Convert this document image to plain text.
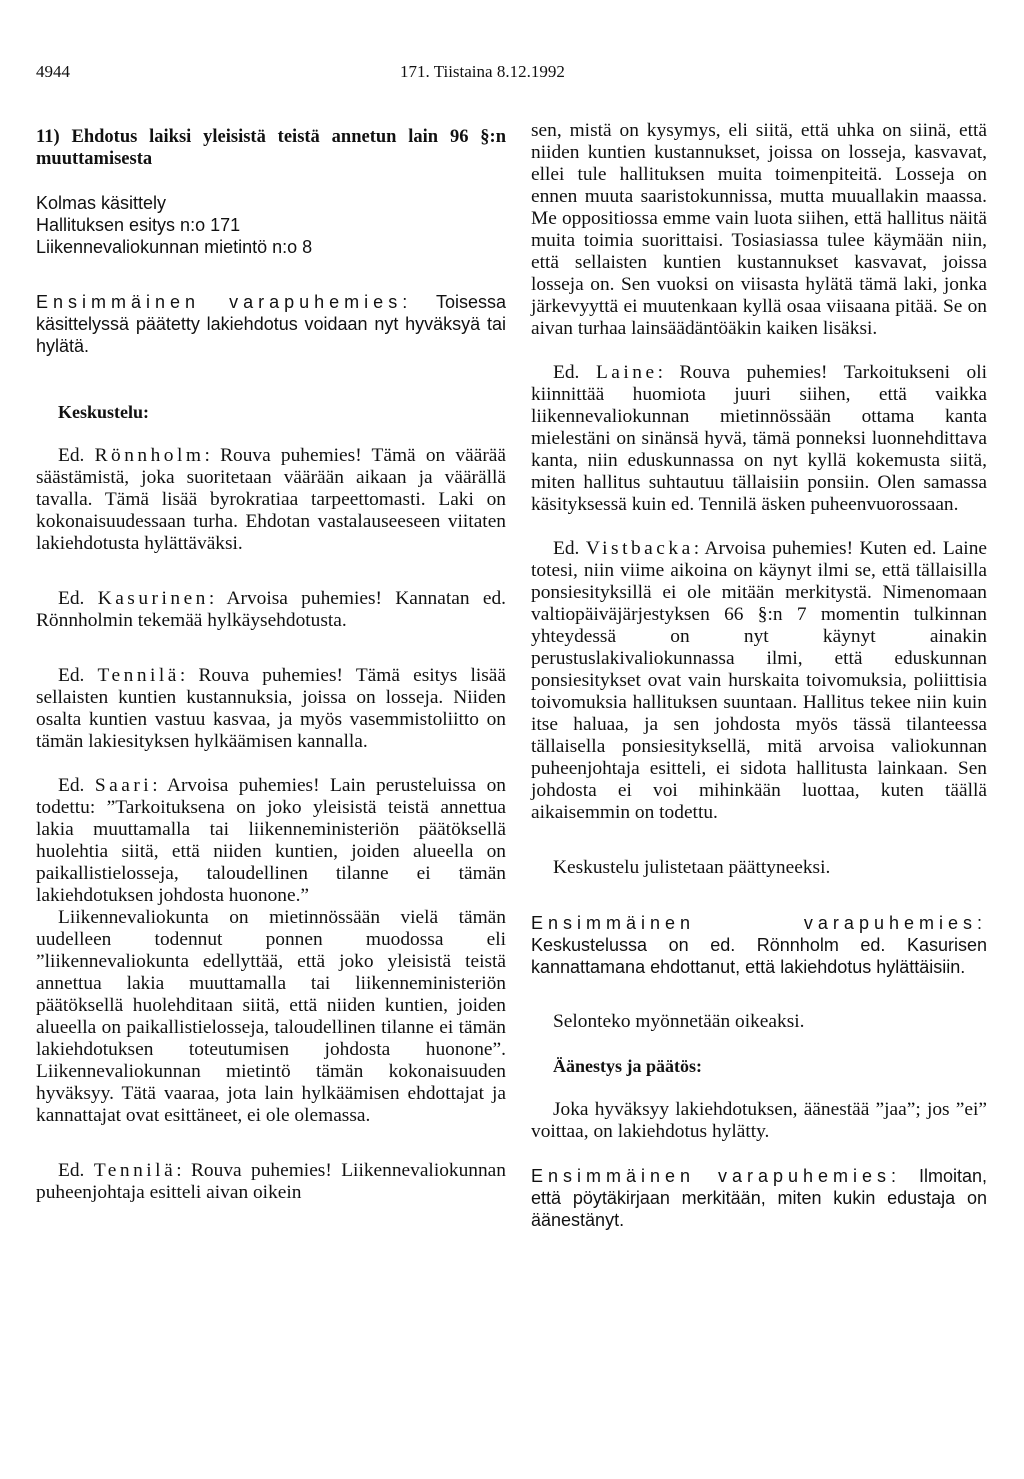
4944	171. Tiistaina 8.12.1992

11) Ehdotus laiksi yleisistä teistä annetun lain 96 §:n muuttamisesta

Kolmas käsittely
Hallituksen esitys n:o 171
Liikennevaliokunnan mietintö n:o 8

Ensimmäinen varapuhemies: Toisessa käsittelyssä päätetty lakiehdotus voidaan nyt hyväksyä tai hylätä.

Keskustelu:

Ed. Rönnholm: Rouva puhemies! Tämä on väärää säästämistä, joka suoritetaan väärään aikaan ja väärällä tavalla. Tämä lisää byrokratiaa tarpeettomasti. Laki on kokonaisuudessaan turha. Ehdotan vastalauseeseen viitaten lakiehdotusta hylättäväksi.

Ed. Kasurinen: Arvoisa puhemies! Kannatan ed. Rönnholmin tekemää hylkäysehdotusta.

Ed. Tennilä: Rouva puhemies! Tämä esitys lisää sellaisten kuntien kustannuksia, joissa on losseja. Niiden osalta kuntien vastuu kasvaa, ja myös vasemmistoliitto on tämän lakiesityksen hylkäämisen kannalla.

Ed. Saari: Arvoisa puhemies! Lain perusteluissa on todettu: ”Tarkoituksena on joko yleisistä teistä annettua lakia muuttamalla tai liikenneministeriön päätöksellä huolehtia siitä, että niiden kuntien, joiden alueella on paikallistielosseja, taloudellinen tilanne ei tämän lakiehdotuksen johdosta huonone.”

Liikennevaliokunta on mietinnössään vielä tämän uudelleen todennut ponnen muodossa eli ”liikennevaliokunta edellyttää, että joko yleisistä teistä annettua lakia muuttamalla tai liikenneministeriön päätöksellä huolehditaan siitä, että niiden kuntien, joiden alueella on paikallistielosseja, taloudellinen tilanne ei tämän lakiehdotuksen toteutumisen johdosta huonone”. Liikennevaliokunnan mietintö tämän kokonaisuuden hyväksyy. Tätä vaaraa, jota lain hylkäämisen ehdottajat ja kannattajat ovat esittäneet, ei ole olemassa.

Ed. Tennilä: Rouva puhemies! Liikennevaliokunnan puheenjohtaja esitteli aivan oikein

sen, mistä on kysymys, eli siitä, että uhka on siinä, että niiden kuntien kustannukset, joissa on losseja, kasvavat, ellei tule hallituksen muita toimenpiteitä. Losseja on ennen muuta saaristokunnissa, mutta muuallakin maassa. Me oppositiossa emme vain luota siihen, että hallitus näitä muita toimia suorittaisi. Tosiasiassa tulee käymään niin, että sellaisten kuntien kustannukset kasvavat, joissa losseja on. Sen vuoksi on viisasta hylätä tämä laki, jonka järkevyyttä ei muutenkaan kyllä osaa viisaana pitää. Se on aivan turhaa lainsäädäntöäkin kaiken lisäksi.

Ed. Laine: Rouva puhemies! Tarkoitukseni oli kiinnittää huomiota juuri siihen, että vaikka liikennevaliokunnan mietinnössään ottama kanta mielestäni on sinänsä hyvä, tämä ponneksi luonnehdittava kanta, niin eduskunnassa on nyt kyllä kokemusta siitä, miten hallitus suhtautuu tällaisiin ponsiin. Olen samassa käsityksessä kuin ed. Tennilä äsken puheenvuorossaan.

Ed. Vistbacka: Arvoisa puhemies! Kuten ed. Laine totesi, niin viime aikoina on käynyt ilmi se, että tällaisilla ponsiesityksillä ei ole mitään merkitystä. Nimenomaan valtiopäiväjärjestyksen 66 §:n 7 momentin tulkinnan yhteydessä on nyt käynyt ainakin perustuslakivaliokunnassa ilmi, että eduskunnan ponsiesitykset ovat vain hurskaita toivomuksia, poliittisia toivomuksia hallituksen suuntaan. Hallitus tekee niin kuin itse haluaa, ja sen johdosta myös tässä tilanteessa tällaisella ponsiesityksellä, mitä arvoisa valiokunnan puheenjohtaja esitteli, ei sidota hallitusta lainkaan. Sen johdosta ei voi mihinkään luottaa, kuten täällä aikaisemmin on todettu.

Keskustelu julistetaan päättyneeksi.

Ensimmäinen varapuhemies: Keskustelussa on ed. Rönnholm ed. Kasurisen kannattamana ehdottanut, että lakiehdotus hylättäisiin.

Selonteko myönnetään oikeaksi.

Äänestys ja päätös:

Joka hyväksyy lakiehdotuksen, äänestää ”jaa”; jos ”ei” voittaa, on lakiehdotus hylätty.

Ensimmäinen varapuhemies: Ilmoitan, että pöytäkirjaan merkitään, miten kukin edustaja on äänestänyt.
